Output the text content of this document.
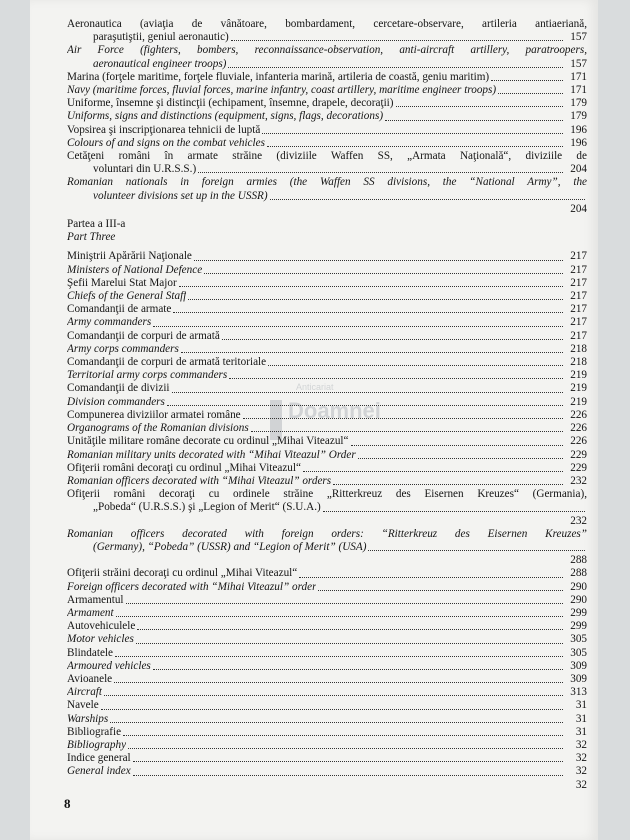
Anticariat
Doamnei
Aeronautica (aviaţia de vânătoare, bombardament, cercetare-observare, artileria antiaeriană,
paraşutiştii, geniul aeronautic)	157
Air Force (fighters, bombers, reconnaissance-observation, anti-aircraft artillery, paratroopers,
aeronautical engineer troops)	157
Marina (forţele maritime, forţele fluviale, infanteria marină, artileria de coastă, geniu maritim)	171
Navy (maritime forces, fluvial forces, marine infantry, coast artillery, maritime engineer troops)	171
Uniforme, însemne şi distincţii (echipament, însemne, drapele, decoraţii)	179
Uniforms, signs and distinctions (equipment, signs, flags, decorations)	179
Vopsirea şi inscripţionarea tehnicii de luptă	196
Colours of and signs on the combat vehicles	196
Cetăţeni români în armate străine (diviziile Waffen SS, „Armata Naţională“, diviziile de
voluntari din U.R.S.S.)	204
Romanian nationals in foreign armies (the Waffen SS divisions, the “National Army”, the
volunteer divisions set up in the USSR)
204
Partea a III-a
Part Three
Miniştrii Apărării Naţionale	217
Ministers of National Defence	217
Şefii Marelui Stat Major	217
Chiefs of the General Staff	217
Comandanţii de armate	217
Army commanders	217
Comandanţii de corpuri de armată	217
Army corps commanders	218
Comandanţii de corpuri de armată teritoriale	218
Territorial army corps commanders	219
Comandanţii de divizii	219
Division commanders	219
Compunerea diviziilor armatei române	226
Organograms of the Romanian divisions	226
Unităţile militare române decorate cu ordinul „Mihai Viteazul“	226
Romanian military units decorated with “Mihai Viteazul” Order	229
Ofiţerii români decoraţi cu ordinul „Mihai Viteazul“	229
Romanian officers decorated with “Mihai Viteazul” orders	232
Ofiţerii români decoraţi cu ordinele străine „Ritterkreuz des Eisernen Kreuzes“ (Germania),
„Pobeda“ (U.R.S.S.) şi „Legion of Merit“ (S.U.A.)
232
Romanian officers decorated with foreign orders: “Ritterkreuz des Eisernen Kreuzes”
(Germany), “Pobeda” (USSR) and “Legion of Merit” (USA)
288
Ofiţerii străini decoraţi cu ordinul „Mihai Viteazul“	288
Foreign officers decorated with “Mihai Viteazul” order	290
Armamentul	290
Armament	299
Autovehiculele	299
Motor vehicles	305
Blindatele	305
Armoured vehicles	309
Avioanele	309
Aircraft	313
Navele	31
Warships	31
Bibliografie	31
Bibliography	32
Indice general	32
General index	32
32
8
